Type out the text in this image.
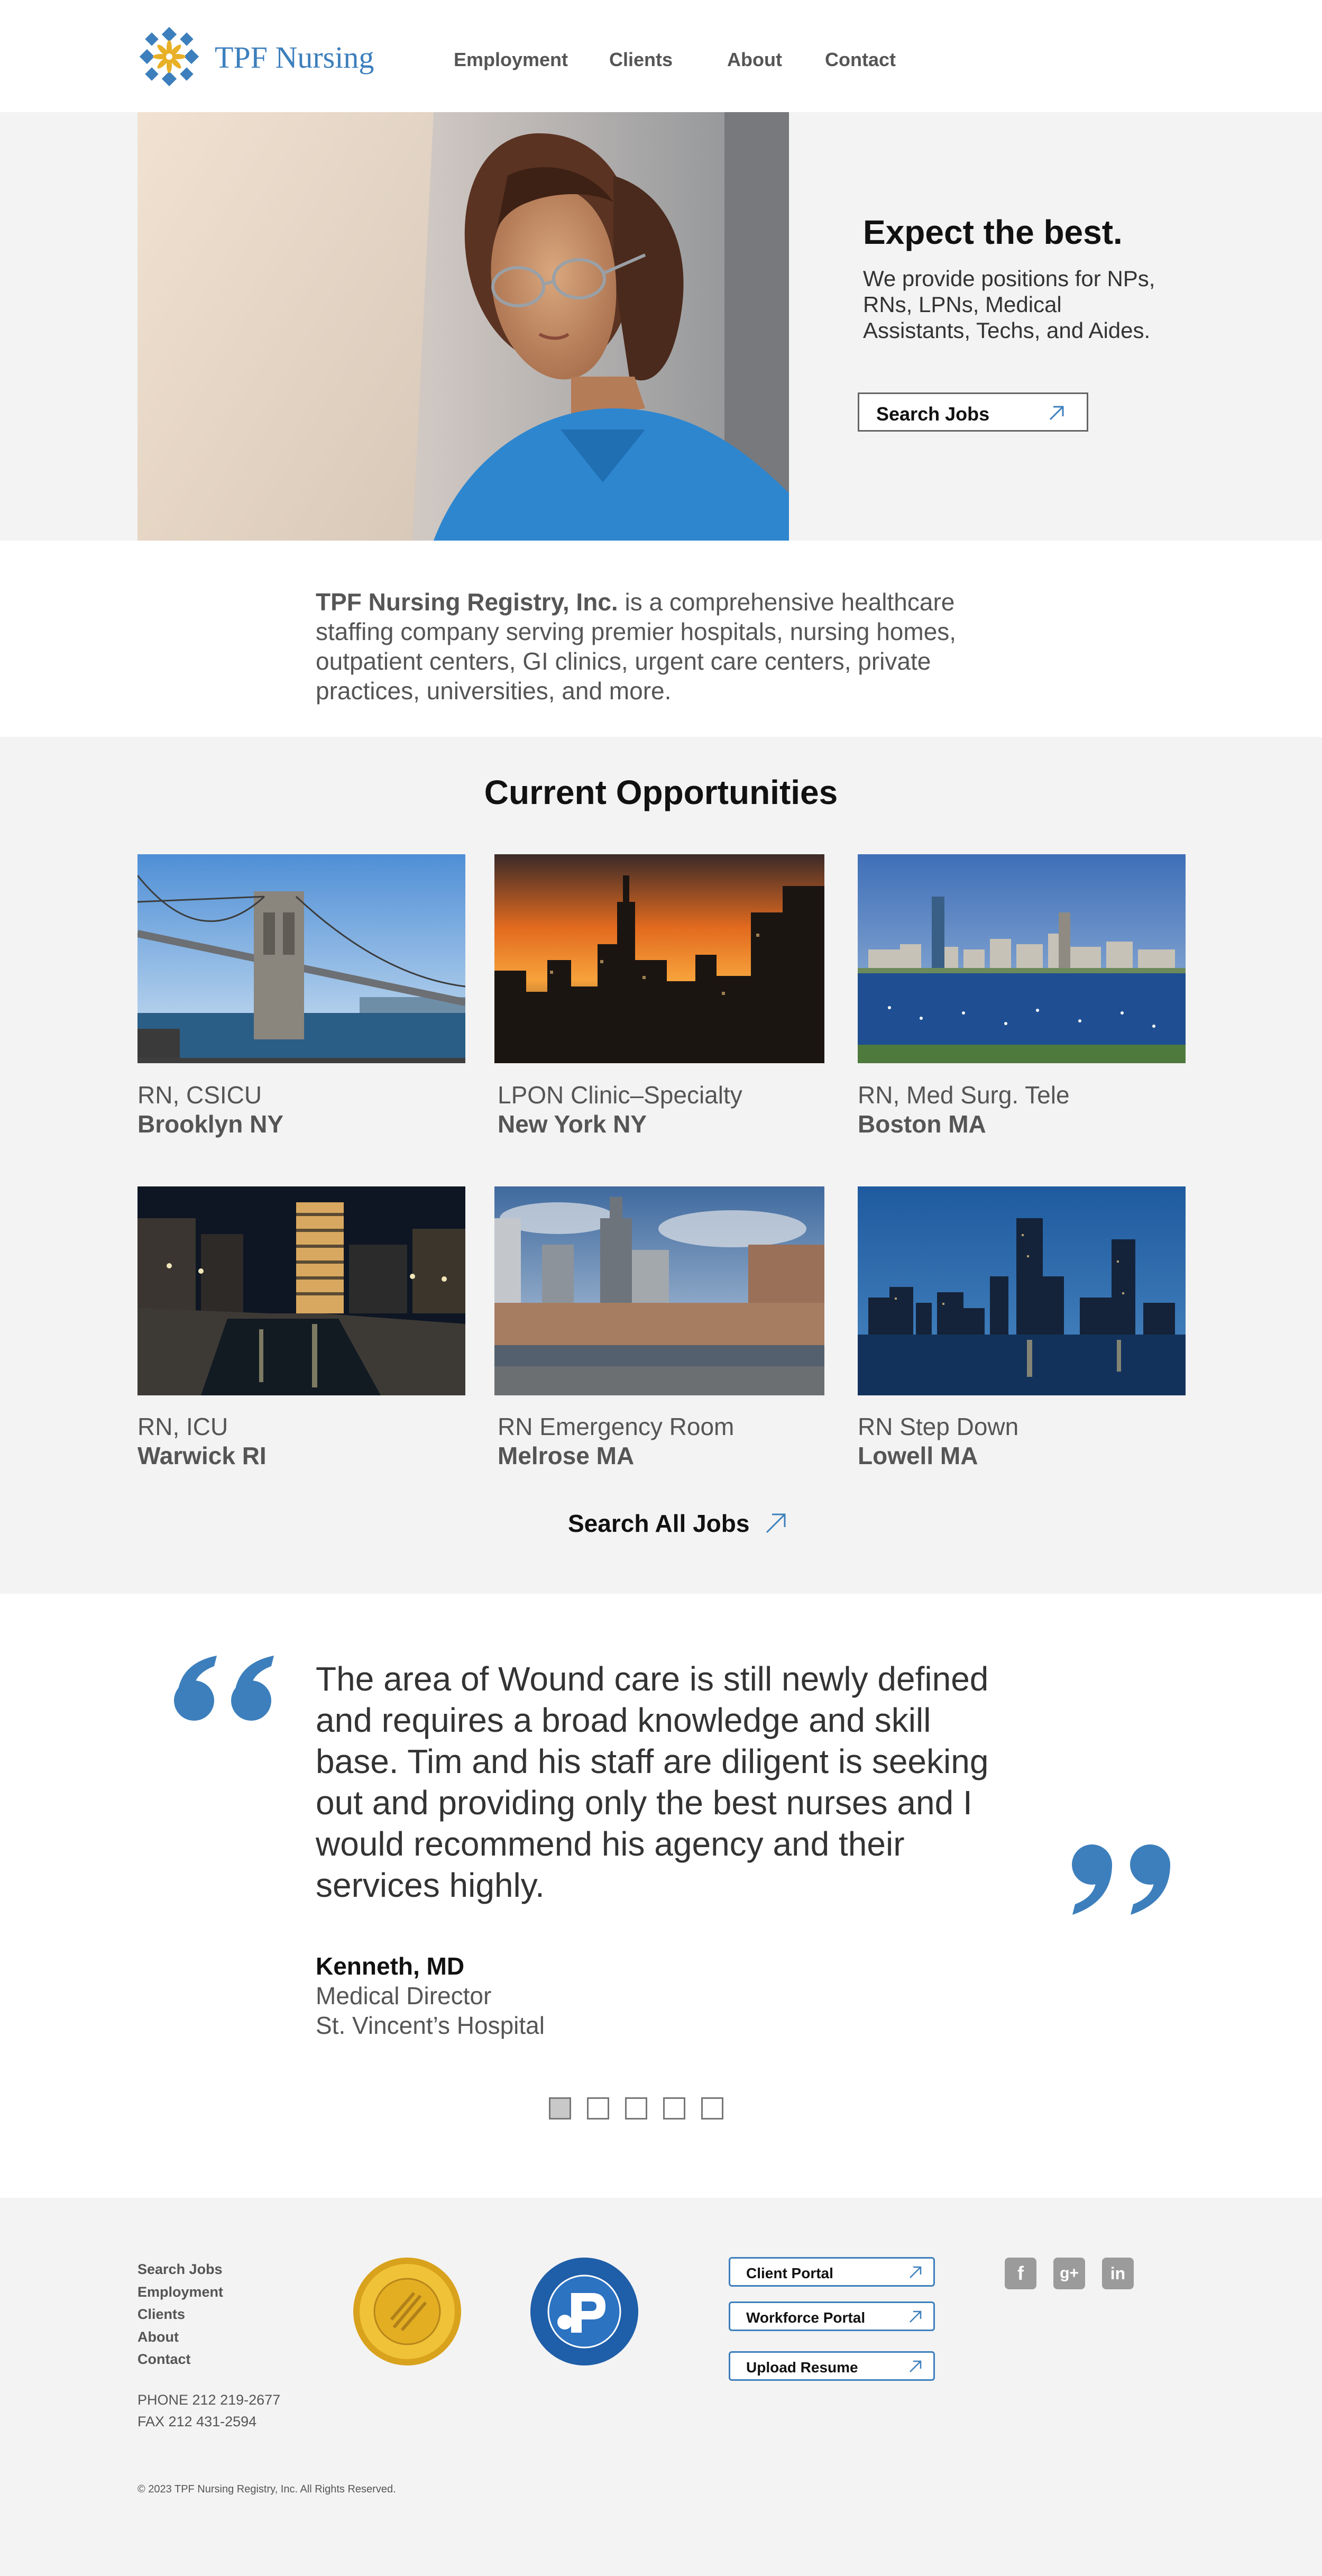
TPF Nursing	Employment Clients	About Contact
Expect the best.
We provide positions for NPs, RNs, LPNs, Medical Assistants, Techs, and Aides.
Search Jobs
TPF Nursing Registry, Inc. is a comprehensive healthcare staffing company serving premier hospitals, nursing homes, outpatient centers, GI clinics, urgent care centers, private practices, universities, and more.
Current Opportunities
RN, CSICU
Brooklyn NY
LPON Clinic–Specialty
New York NY
RN, Med Surg. Tele
Boston MA
RN, ICU
Warwick RI
RN Emergency Room
Melrose MA
RN Step Down
Lowell MA
Search All Jobs
The area of Wound care is still newly defined and requires a broad knowledge and skill base. Tim and his staff are diligent is seeking out and providing only the best nurses and I would recommend his agency and their services highly.
Kenneth, MD
Medical Director
St. Vincent’s Hospital
Search Jobs
Employment
Clients
About
Contact
PHONE 212 219-2677
FAX 212 431-2594
Client Portal
Workforce Portal
Upload Resume
f	g+	in
© 2023 TPF Nursing Registry, Inc. All Rights Reserved.
